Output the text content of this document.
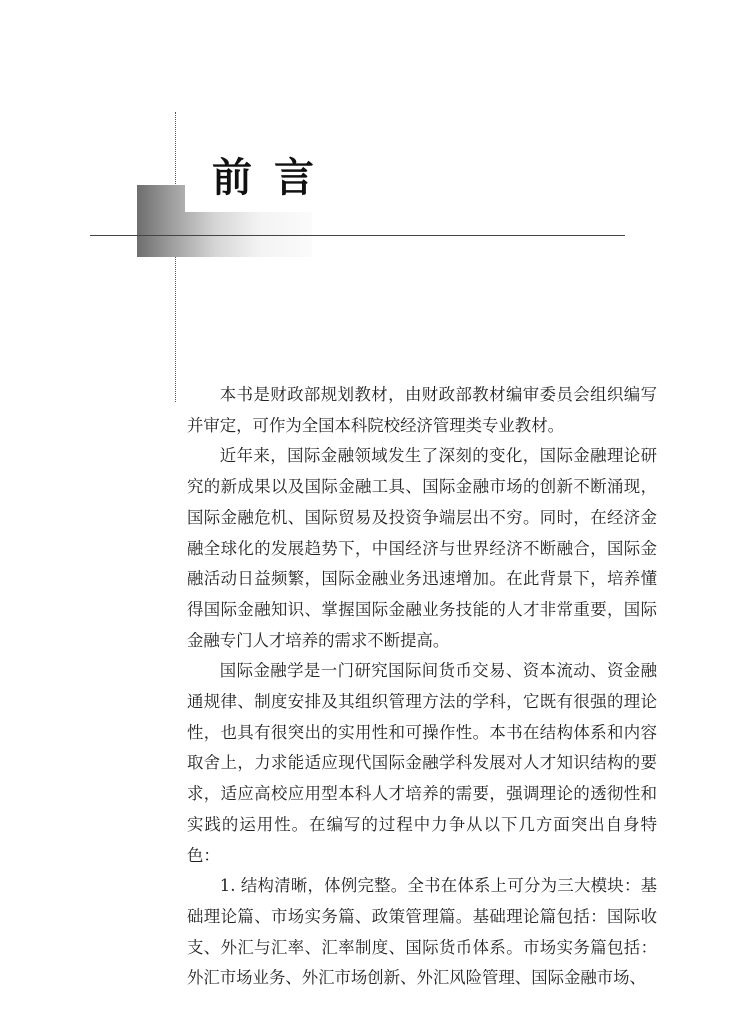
前言

本书是财政部规划教材，由财政部教材编审委员会组织编写并审定，可作为全国本科院校经济管理类专业教材。

近年来，国际金融领域发生了深刻的变化，国际金融理论研究的新成果以及国际金融工具、国际金融市场的创新不断涌现，国际金融危机、国际贸易及投资争端层出不穷。同时，在经济金融全球化的发展趋势下，中国经济与世界经济不断融合，国际金融活动日益频繁，国际金融业务迅速增加。在此背景下，培养懂得国际金融知识、掌握国际金融业务技能的人才非常重要，国际金融专门人才培养的需求不断提高。

国际金融学是一门研究国际间货币交易、资本流动、资金融通规律、制度安排及其组织管理方法的学科，它既有很强的理论性，也具有很突出的实用性和可操作性。本书在结构体系和内容取舍上，力求能适应现代国际金融学科发展对人才知识结构的要求，适应高校应用型本科人才培养的需要，强调理论的透彻性和实践的运用性。在编写的过程中力争从以下几方面突出自身特色：

1. 结构清晰，体例完整。全书在体系上可分为三大模块：基础理论篇、市场实务篇、政策管理篇。基础理论篇包括：国际收支、外汇与汇率、汇率制度、国际货币体系。市场实务篇包括：外汇市场业务、外汇市场创新、外汇风险管理、国际金融市场、
